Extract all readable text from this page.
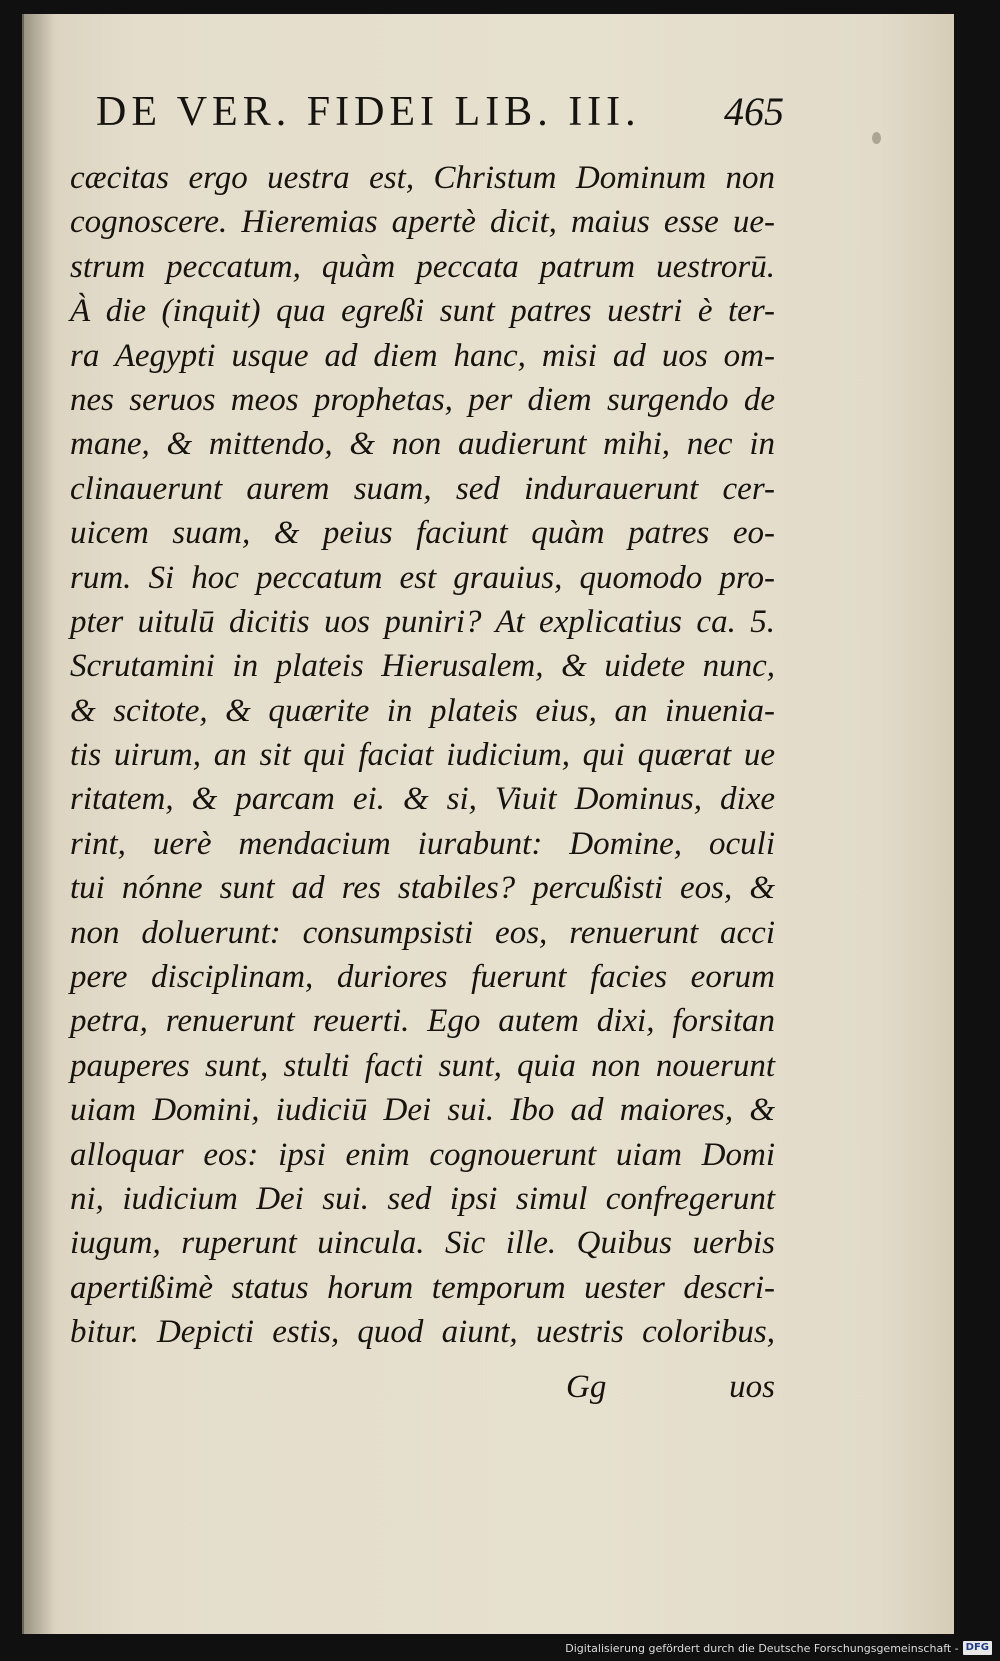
DE VER. FIDEI LIB. III. 465
cæcitas ergo uestra est, Christum Dominum non
cognoscere. Hieremias apertè dicit, maius esse ue-
strum peccatum, quàm peccata patrum uestrorū.
À die (inquit) qua egreßi sunt patres uestri è ter-
ra Aegypti usque ad diem hanc, misi ad uos om-
nes seruos meos prophetas, per diem surgendo de
mane, & mittendo, & non audierunt mihi, nec in
clinauerunt aurem suam, sed indurauerunt cer-
uicem suam, & peius faciunt quàm patres eo-
rum. Si hoc peccatum est grauius, quomodo pro-
pter uitulū dicitis uos puniri? At explicatius ca. 5.
Scrutamini in plateis Hierusalem, & uidete nunc,
& scitote, & quærite in plateis eius, an inuenia-
tis uirum, an sit qui faciat iudicium, qui quærat ue
ritatem, & parcam ei. & si, Viuit Dominus, dixe
rint, uerè mendacium iurabunt: Domine, oculi
tui nónne sunt ad res stabiles? percußisti eos, &
non doluerunt: consumpsisti eos, renuerunt acci
pere disciplinam, duriores fuerunt facies eorum
petra, renuerunt reuerti. Ego autem dixi, forsitan
pauperes sunt, stulti facti sunt, quia non nouerunt
uiam Domini, iudiciū Dei sui. Ibo ad maiores, &
alloquar eos: ipsi enim cognouerunt uiam Domi
ni, iudicium Dei sui. sed ipsi simul confregerunt
iugum, ruperunt uincula. Sic ille. Quibus uerbis
apertißimè status horum temporum uester descri-
bitur. Depicti estis, quod aiunt, uestris coloribus,
Gg	uos
Digitalisierung gefördert durch die Deutsche Forschungsgemeinschaft - DFG
